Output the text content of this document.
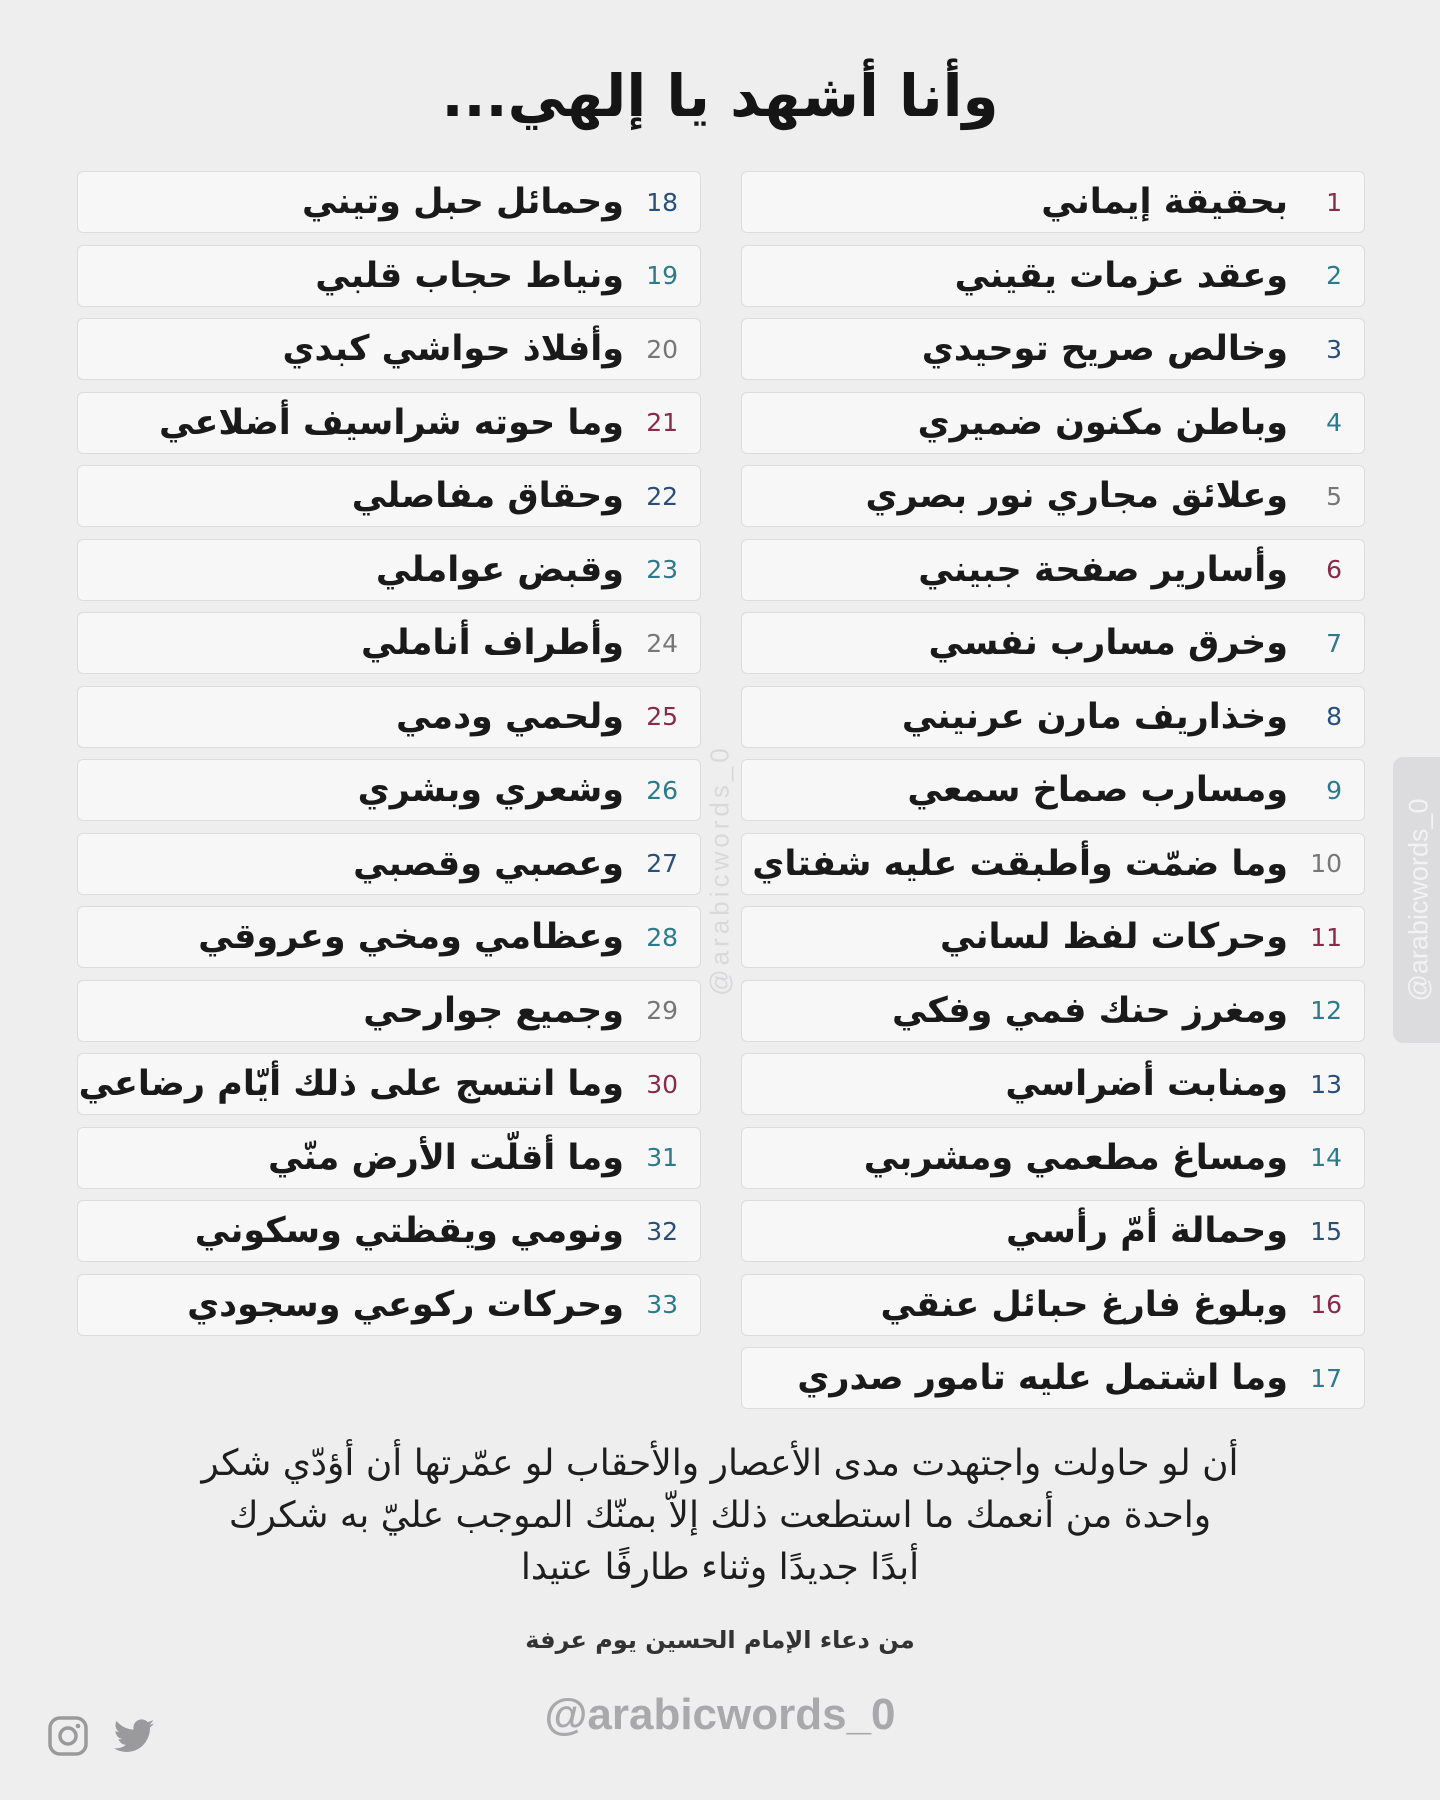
@arabicwords_0	@arabicwords_0
وأنا أشهد يا إلهي...
1
بحقيقة إيماني
2
وعقد عزمات يقيني
3
وخالص صريح توحيدي
4
وباطن مكنون ضميري
5
وعلائق مجاري نور بصري
6
وأسارير صفحة جبيني
7
وخرق مسارب نفسي
8
وخذاريف مارن عرنيني
9
ومسارب صماخ سمعي
10
وما ضمّت وأطبقت عليه شفتاي
11
وحركات لفظ لساني
12
ومغرز حنك فمي وفكي
13
ومنابت أضراسي
14
ومساغ مطعمي ومشربي
15
وحمالة أمّ رأسي
16
وبلوغ فارغ حبائل عنقي
17
وما اشتمل عليه تامور صدري
18
وحمائل حبل وتيني
19
ونياط حجاب قلبي
20
وأفلاذ حواشي كبدي
21
وما حوته شراسيف أضلاعي
22
وحقاق مفاصلي
23
وقبض عواملي
24
وأطراف أناملي
25
ولحمي ودمي
26
وشعري وبشري
27
وعصبي وقصبي
28
وعظامي ومخي وعروقي
29
وجميع جوارحي
30
وما انتسج على ذلك أيّام رضاعي
31
وما أقلّت الأرض منّي
32
ونومي ويقظتي وسكوني
33
وحركات ركوعي وسجودي
أن لو حاولت واجتهدت مدى الأعصار والأحقاب لو عمّرتها أن أؤدّي شكر
واحدة من أنعمك ما استطعت ذلك إلاّ بمنّك الموجب عليّ به شكرك
أبدًا جديدًا وثناء طارفًا عتيدا
من دعاء الإمام الحسين يوم عرفة
@arabicwords_0
